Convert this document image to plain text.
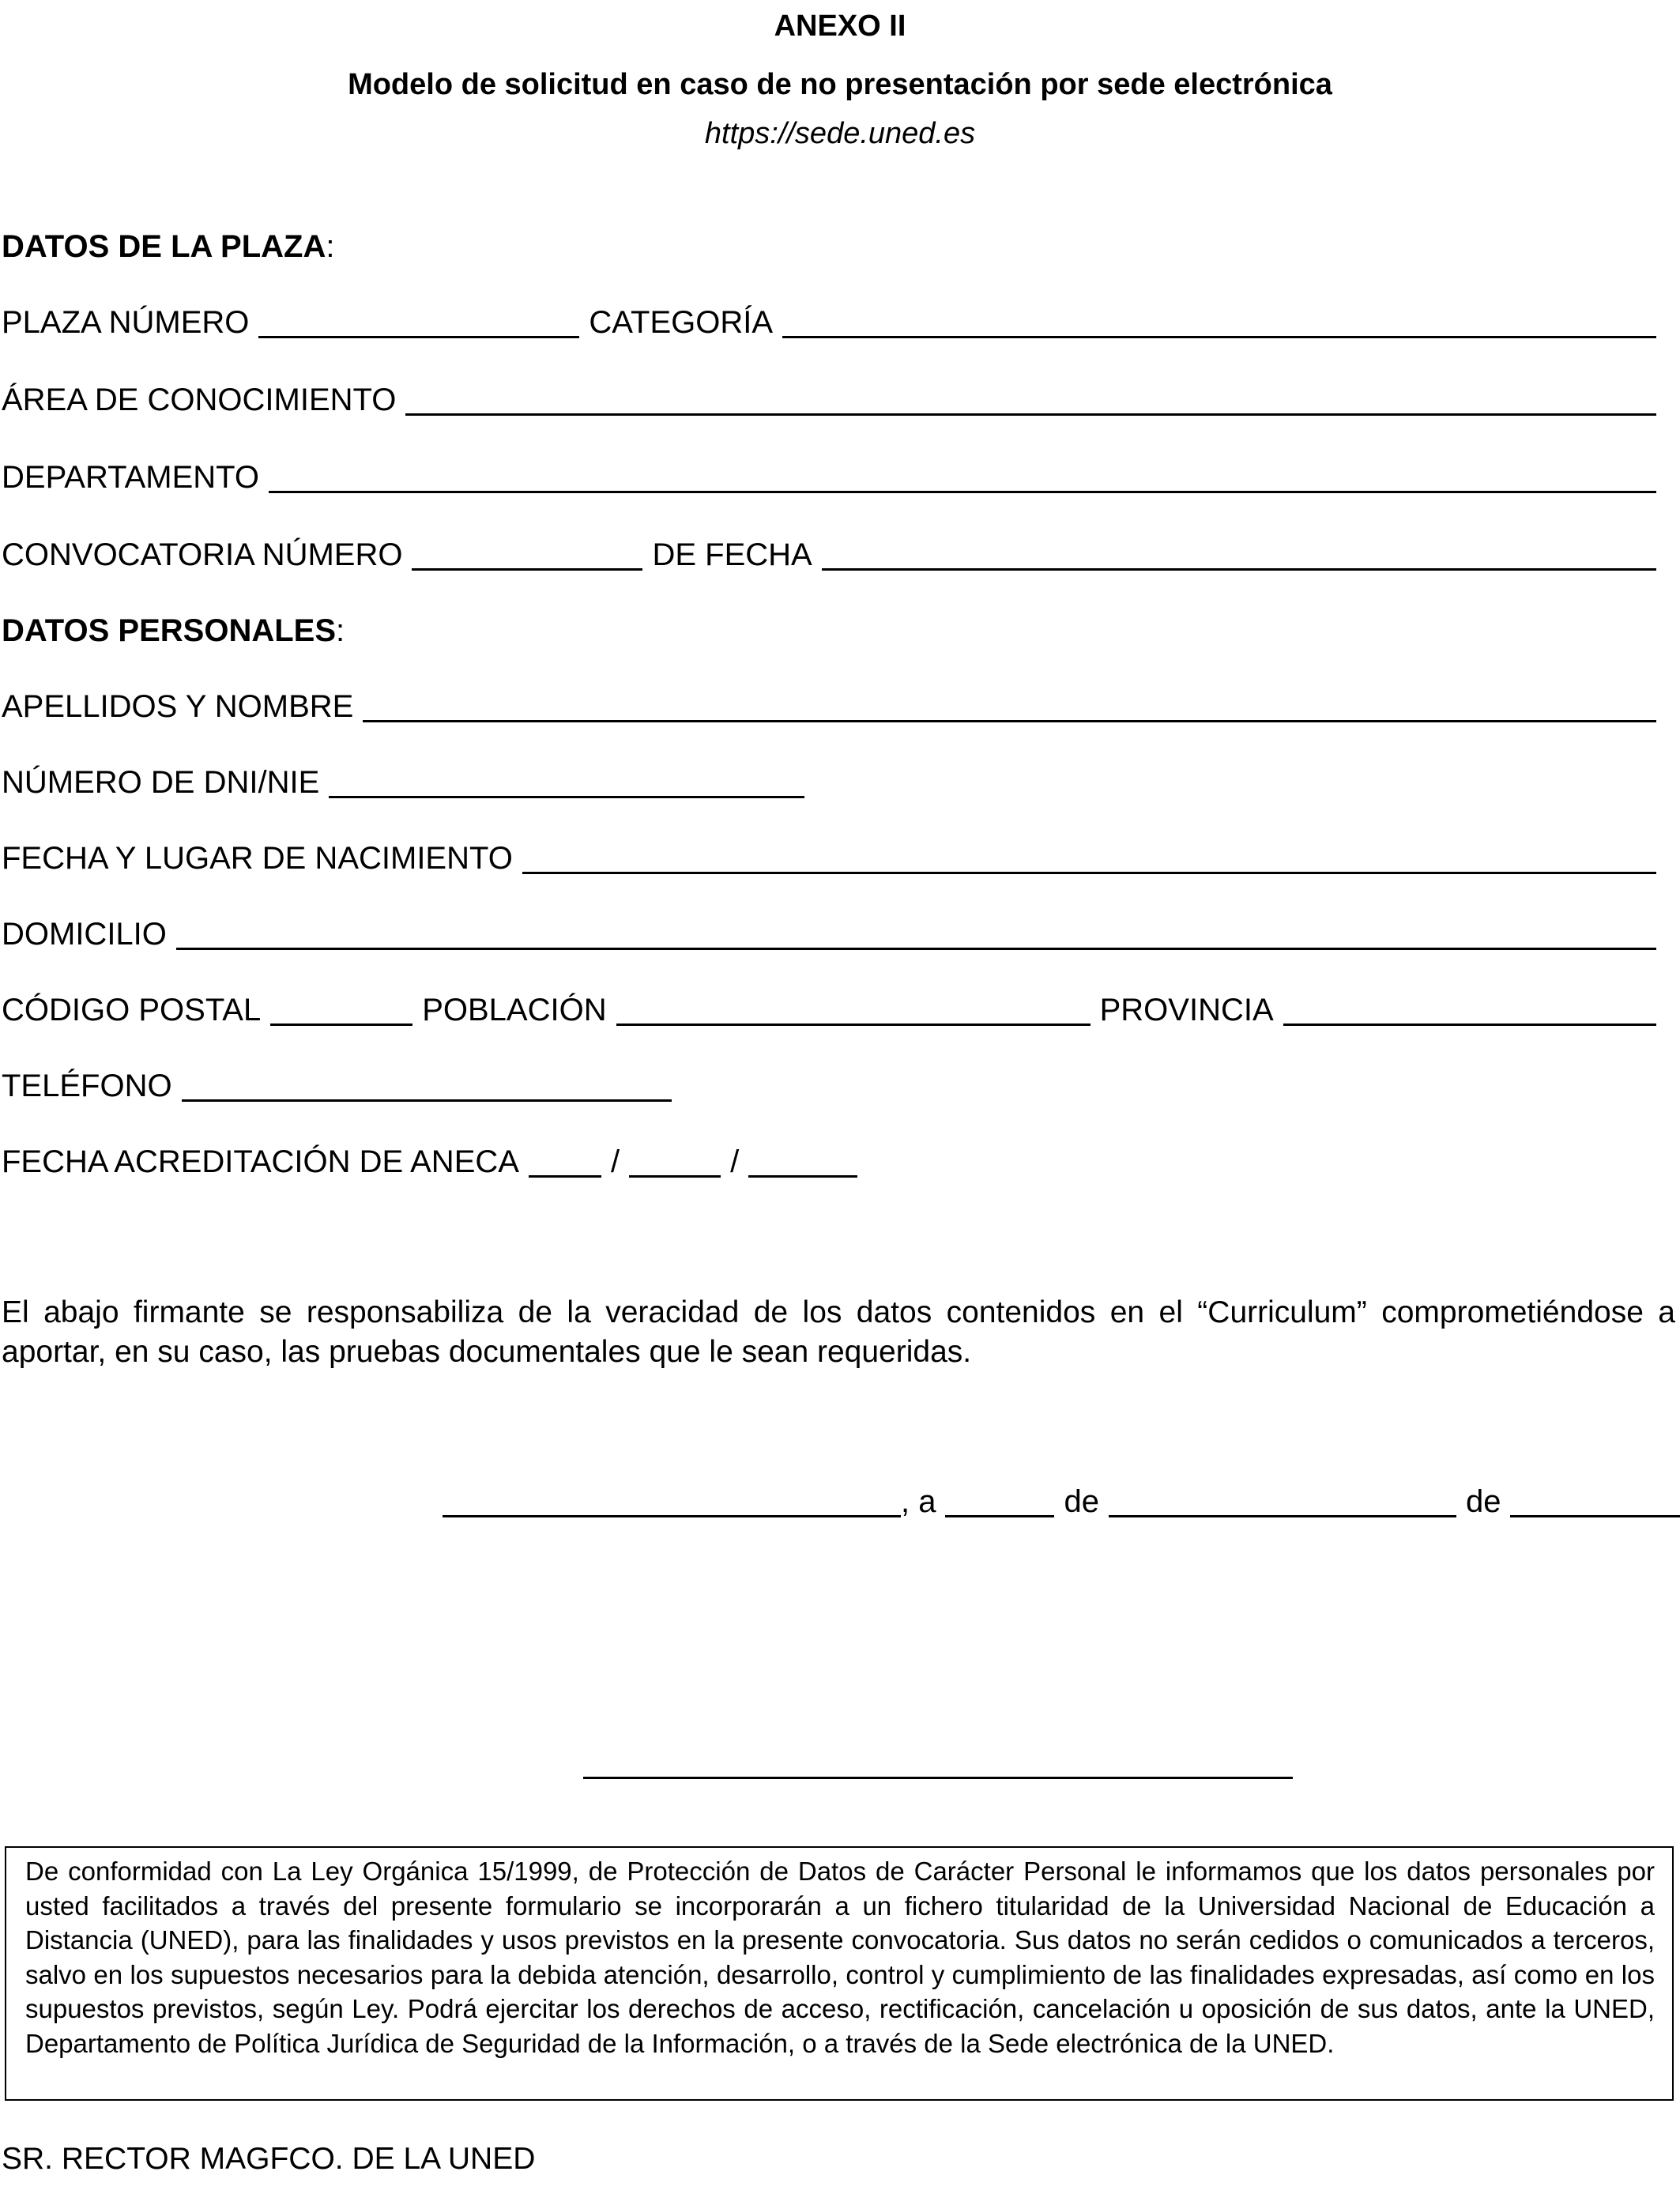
ANEXO II
Modelo de solicitud en caso de no presentación por sede electrónica
https://sede.uned.es
DATOS DE LA PLAZA:
PLAZA NÚMERO	CATEGORÍA
ÁREA DE CONOCIMIENTO
DEPARTAMENTO
CONVOCATORIA NÚMERO	DE FECHA
DATOS PERSONALES:
APELLIDOS Y NOMBRE
NÚMERO DE DNI/NIE
FECHA Y LUGAR DE NACIMIENTO
DOMICILIO
CÓDIGO POSTAL	POBLACIÓN	PROVINCIA
TELÉFONO
FECHA ACREDITACIÓN DE ANECA	/	/
El abajo firmante se responsabiliza de la veracidad de los datos contenidos en el “Curriculum” comprometiéndose a aportar, en su caso, las pruebas documentales que le sean requeridas.
, a	de	de
De conformidad con La Ley Orgánica 15/1999, de Protección de Datos de Carácter Personal le informamos que los datos personales por usted facilitados a través del presente formulario se incorporarán a un fichero titularidad de la Universidad Nacional de Educación a Distancia (UNED), para las finalidades y usos previstos en la presente convocatoria. Sus datos no serán cedidos o comunicados a terceros, salvo en los supuestos necesarios para la debida atención, desarrollo, control y cumplimiento de las finalidades expresadas, así como en los supuestos previstos, según Ley. Podrá ejercitar los derechos de acceso, rectificación, cancelación u oposición de sus datos, ante la UNED, Departamento de Política Jurídica de Seguridad de la Información, o a través de la Sede electrónica de la UNED.
SR. RECTOR MAGFCO. DE LA UNED
